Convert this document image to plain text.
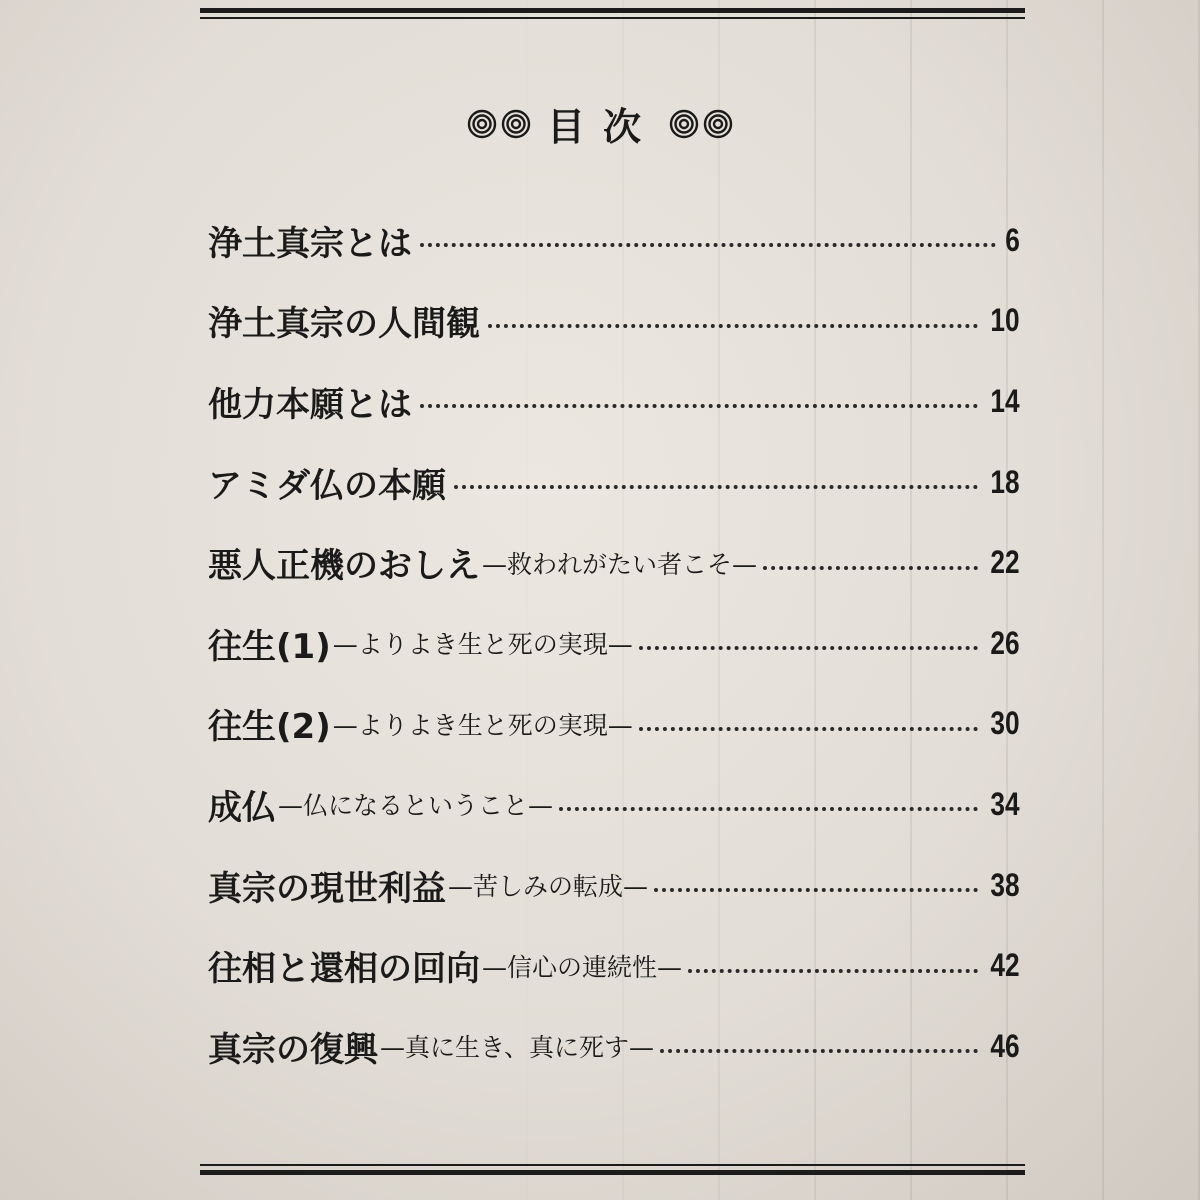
目次
浄土真宗とは	6
浄土真宗の人間観	10
他力本願とは	14
アミダ仏の本願	18
悪人正機のおしえ —救われがたい者こそ—	22
往生(1) —よりよき生と死の実現—	26
往生(2) —よりよき生と死の実現—	30
成仏 —仏になるということ—	34
真宗の現世利益 —苦しみの転成—	38
往相と還相の回向 —信心の連続性—	42
真宗の復興 —真に生き、真に死す—	46
